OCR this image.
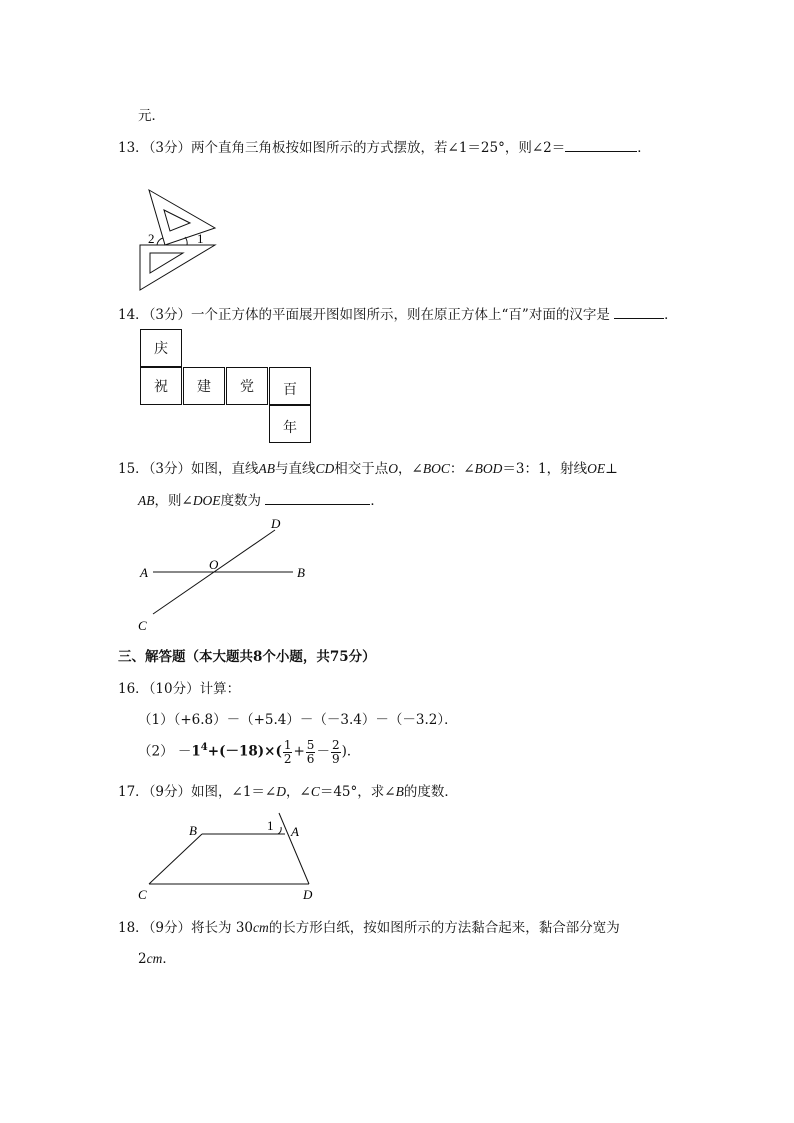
元．
13．（3分）两个直角三角板按如图所示的方式摆放，若∠1＝25°，则∠2＝	．
2	1
14．（3分）一个正方体的平面展开图如图所示，则在原正方体上“百”对面的汉字是	．
庆
祝	建	党	百
年
15．（3分）如图，直线AB与直线CD相交于点O，∠BOC：∠BOD＝3：1，射线OE⊥
AB，则∠DOE度数为	．
D
O
A	B
C
三、解答题（本大题共8个小题，共75分）
16．（10分）计算：
（1）（+6.8）－（+5.4）－（－3.4）－（－3.2）．
$(2) -1^4+(-18)\times( \frac{1}{2} + \frac{5}{6} - \frac{2}{9}$ )．
17．（9分）如图，∠1＝∠D，∠C＝45°，求∠B的度数．
B	1 A
C	D
18．（9分）将长为 30cm的长方形白纸，按如图所示的方法黏合起来，黏合部分宽为
2cm．
